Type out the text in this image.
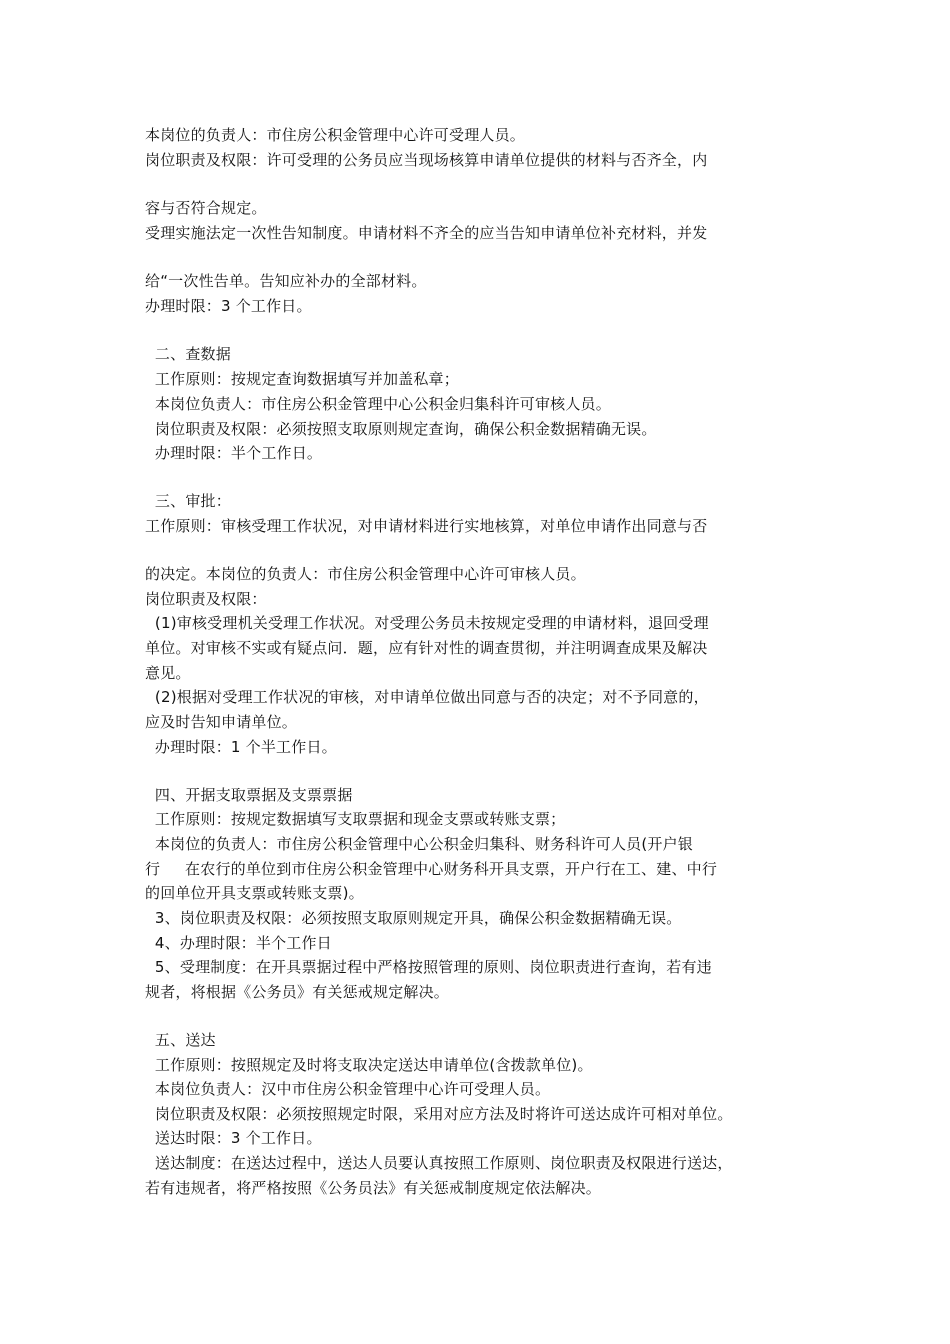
本岗位的负责人：市住房公积金管理中心许可受理人员。
岗位职责及权限：许可受理的公务员应当现场核算申请单位提供的材料与否齐全，内
容与否符合规定。
受理实施法定一次性告知制度。申请材料不齐全的应当告知申请单位补充材料，并发
给“一次性告单。告知应补办的全部材料。
办理时限：3 个工作日。
二、查数据
工作原则：按规定查询数据填写并加盖私章；
本岗位负责人：市住房公积金管理中心公积金归集科许可审核人员。
岗位职责及权限：必须按照支取原则规定查询，确保公积金数据精确无误。
办理时限：半个工作日。
三、审批：
工作原则：审核受理工作状况，对申请材料进行实地核算，对单位申请作出同意与否
的决定。本岗位的负责人：市住房公积金管理中心许可审核人员。
岗位职责及权限：
(1)审核受理机关受理工作状况。对受理公务员未按规定受理的申请材料，退回受理
单位。对审核不实或有疑点问．题，应有针对性的调查贯彻，并注明调查成果及解决
意见。
(2)根据对受理工作状况的审核，对申请单位做出同意与否的决定；对不予同意的，
应及时告知申请单位。
办理时限：1 个半工作日。
四、开据支取票据及支票票据
工作原则：按规定数据填写支取票据和现金支票或转账支票；
本岗位的负责人：市住房公积金管理中心公积金归集科、财务科许可人员(开户银
行     在农行的单位到市住房公积金管理中心财务科开具支票，开户行在工、建、中行
的回单位开具支票或转账支票)。
3、岗位职责及权限：必须按照支取原则规定开具，确保公积金数据精确无误。
4、办理时限：半个工作日
5、受理制度：在开具票据过程中严格按照管理的原则、岗位职责进行查询，若有违
规者，将根据《公务员》有关惩戒规定解决。
五、送达
工作原则：按照规定及时将支取决定送达申请单位(含拨款单位)。
本岗位负责人：汉中市住房公积金管理中心许可受理人员。
岗位职责及权限：必须按照规定时限，采用对应方法及时将许可送达成许可相对单位。
送达时限：3 个工作日。
送达制度：在送达过程中，送达人员要认真按照工作原则、岗位职责及权限进行送达，
若有违规者，将严格按照《公务员法》有关惩戒制度规定依法解决。
